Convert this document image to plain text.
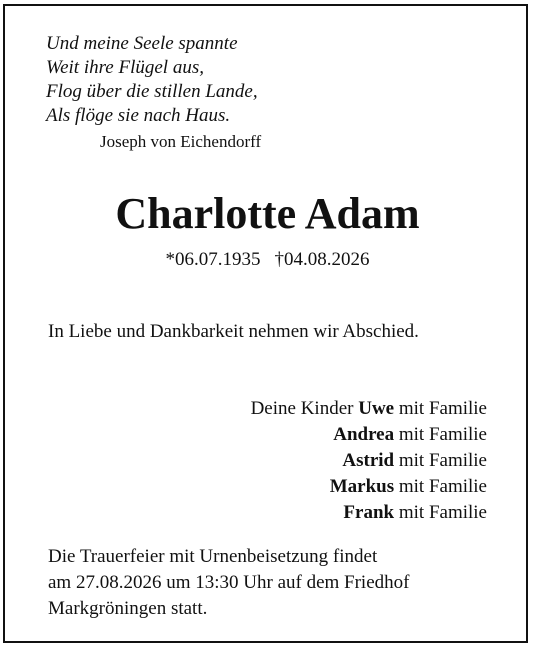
Und meine Seele spannte
Weit ihre Flügel aus,
Flog über die stillen Lande,
Als flöge sie nach Haus.
Joseph von Eichendorff
Charlotte Adam
*06.07.1935 †04.08.2026
In Liebe und Dankbarkeit nehmen wir Abschied.
Deine Kinder Uwe mit Familie
Andrea mit Familie
Astrid mit Familie
Markus mit Familie
Frank mit Familie
Die Trauerfeier mit Urnenbeisetzung findet
am 27.08.2026 um 13:30 Uhr auf dem Friedhof
Markgröningen statt.
